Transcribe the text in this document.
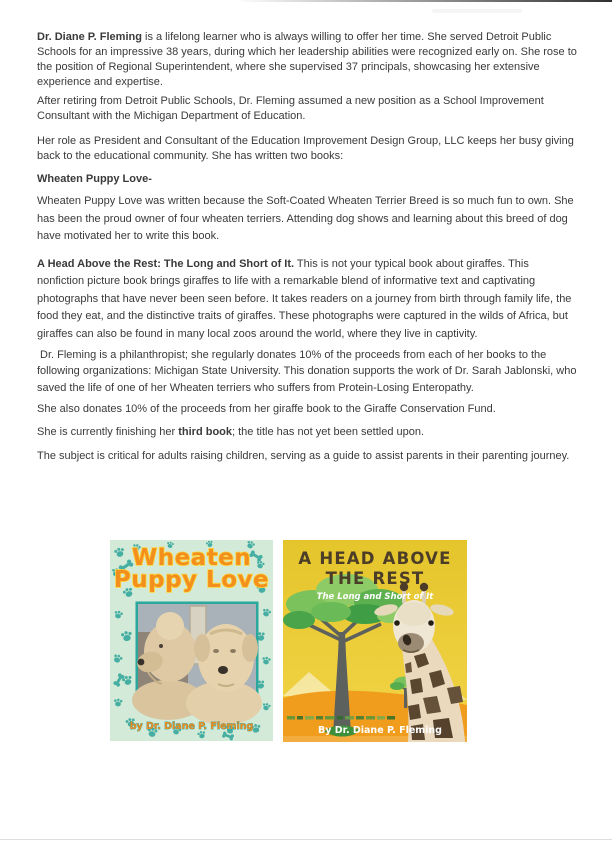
Dr. Diane P. Fleming is a lifelong learner who is always willing to offer her time. She served Detroit Public Schools for an impressive 38 years, during which her leadership abilities were recognized early on. She rose to the position of Regional Superintendent, where she supervised 37 principals, showcasing her extensive experience and expertise.

After retiring from Detroit Public Schools, Dr. Fleming assumed a new position as a School Improvement Consultant with the Michigan Department of Education.

Her role as President and Consultant of the Education Improvement Design Group, LLC keeps her busy giving back to the educational community. She has written two books:

Wheaten Puppy Love-

Wheaten Puppy Love was written because the Soft-Coated Wheaten Terrier Breed is so much fun to own. She has been the proud owner of four wheaten terriers. Attending dog shows and learning about this breed of dog have motivated her to write this book.

A Head Above the Rest: The Long and Short of It. This is not your typical book about giraffes. This nonfiction picture book brings giraffes to life with a remarkable blend of informative text and captivating photographs that have never been seen before. It takes readers on a journey from birth through family life, the food they eat, and the distinctive traits of giraffes. These photographs were captured in the wilds of Africa, but giraffes can also be found in many local zoos around the world, where they live in captivity.

Dr. Fleming is a philanthropist; she regularly donates 10% of the proceeds from each of her books to the following organizations: Michigan State University. This donation supports the work of Dr. Sarah Jablonski, who saved the life of one of her Wheaten terriers who suffers from Protein-Losing Enteropathy.

She also donates 10% of the proceeds from her giraffe book to the Giraffe Conservation Fund.

She is currently finishing her third book; the title has not yet been settled upon.

The subject is critical for adults raising children, serving as a guide to assist parents in their parenting journey.

Wheaten
Puppy Love
by Dr. Diane P. Fleming
A HEAD ABOVE
THE REST
The Long and Short of It
By Dr. Diane P. Fleming
